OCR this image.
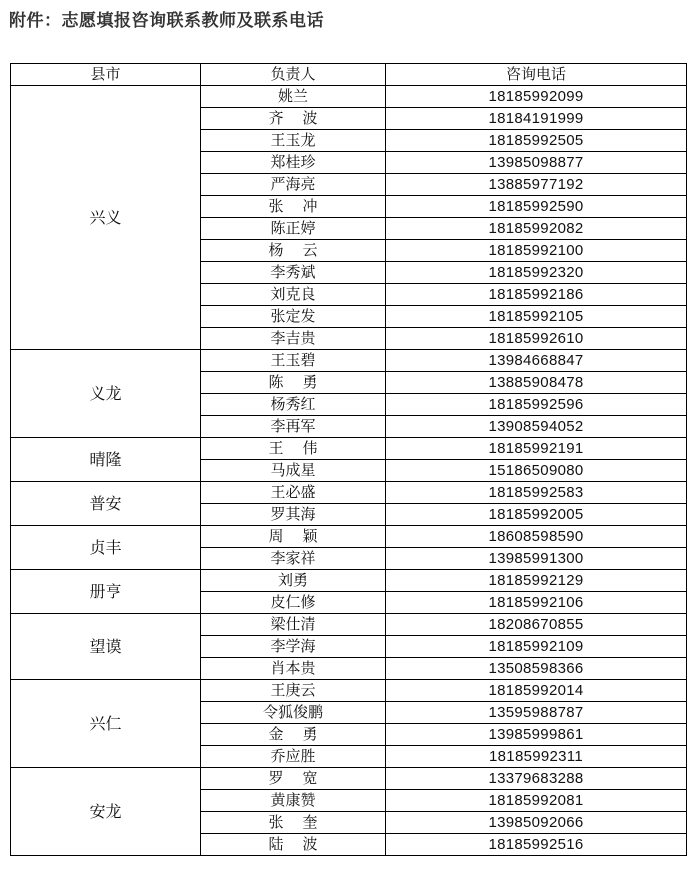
附件：志愿填报咨询联系教师及联系电话
县市	负责人	咨询电话
兴义	姚兰	18185992099
	齐    波	18184191999
	王玉龙	18185992505
	郑桂珍	13985098877
	严海亮	13885977192
	张    冲	18185992590
	陈正婷	18185992082
	杨    云	18185992100
	李秀斌	18185992320
	刘克良	18185992186
	张定发	18185992105
	李吉贵	18185992610
义龙	王玉碧	13984668847
	陈    勇	13885908478
	杨秀红	18185992596
	李再军	13908594052
晴隆	王    伟	18185992191
	马成星	15186509080
普安	王必盛	18185992583
	罗其海	18185992005
贞丰	周    颖	18608598590
	李家祥	13985991300
册亨	刘勇	18185992129
	皮仁修	18185992106
望谟	梁仕清	18208670855
	李学海	18185992109
	肖本贵	13508598366
兴仁	王庚云	18185992014
	令狐俊鹏	13595988787
	金    勇	13985999861
	乔应胜	18185992311
安龙	罗    宽	13379683288
	黄康赞	18185992081
	张    奎	13985092066
	陆    波	18185992516
